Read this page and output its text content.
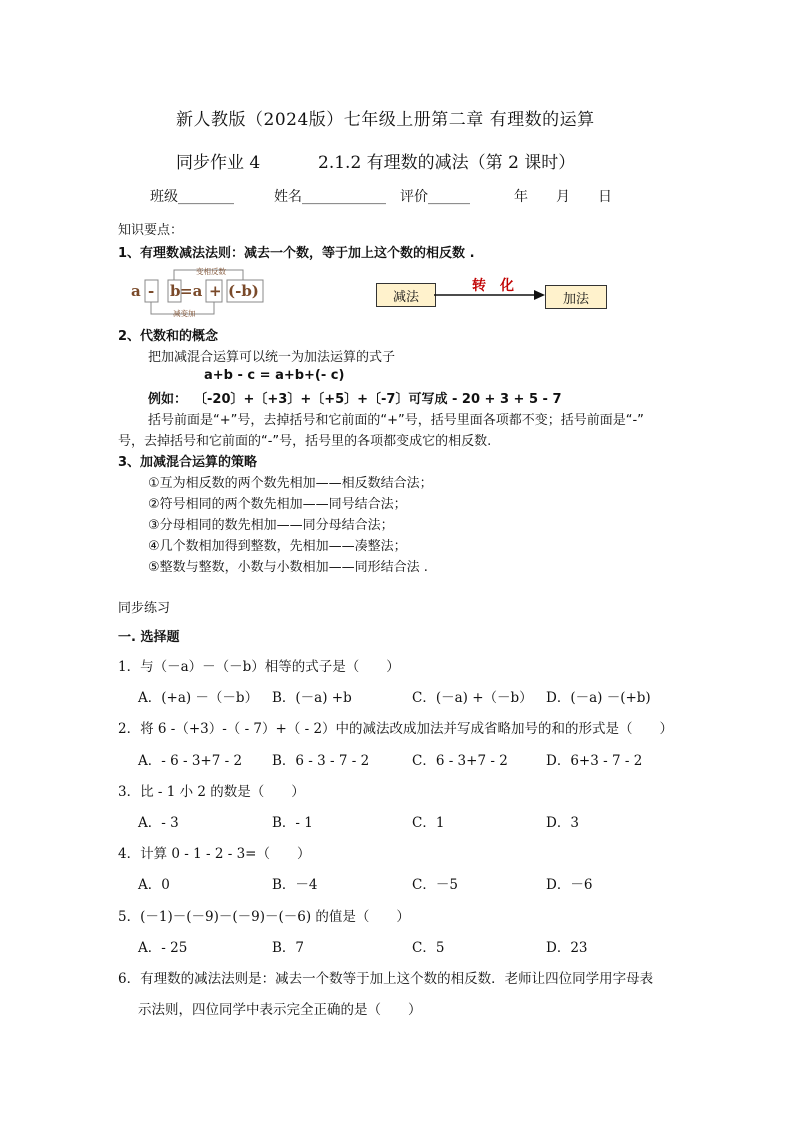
新人教版（2024版）七年级上册第二章 有理数的运算
同步作业 4	2.1.2 有理数的减法（第 2 课时）
班级________	姓名____________ 评价______	年 月 日
知识要点：
1、有理数减法法则：减去一个数，等于加上这个数的相反数 .
a - b =a + (-b)
变相反数
减变加
减法
转　化
加法
2、代数和的概念
把加减混合运算可以统一为加法运算的式子
a+b - c = a+b+(- c)
例如： 〔-20〕+〔+3〕+〔+5〕+〔-7〕可写成 - 20 + 3 + 5 - 7
括号前面是“+”号，去掉括号和它前面的“+”号，括号里面各项都不变；括号前面是“-”
号，去掉括号和它前面的“-”号，括号里的各项都变成它的相反数.
3、加减混合运算的策略
①互为相反数的两个数先相加——相反数结合法；
②符号相同的两个数先相加——同号结合法；
③分母相同的数先相加——同分母结合法；
④几个数相加得到整数，先相加——凑整法；
⑤整数与整数，小数与小数相加——同形结合法 .
同步练习
一. 选择题
1．与（－a）－（－b）相等的式子是（　　）
A．(+a) －（－b） B．(－a) +b	C．(－a) +（－b） D．(－a) －(+b)
2．将 6 -（+3）-（ - 7）+（ - 2）中的减法改成加法并写成省略加号的和的形式是（　　）
A．- 6 - 3+7 - 2 B．6 - 3 - 7 - 2	C．6 - 3+7 - 2	D．6+3 - 7 - 2
3．比 - 1 小 2 的数是（　　）
A．- 3	B．- 1	C．1	D．3
4．计算 0 - 1 - 2 - 3=（　　）
A．0	B．－4	C．－5	D．－6
5．(－1)－(－9)－(－9)－(－6) 的值是（　　）
A．- 25	B．7	C．5	D．23
6．有理数的减法法则是：减去一个数等于加上这个数的相反数．老师让四位同学用字母表
示法则，四位同学中表示完全正确的是（　　）
